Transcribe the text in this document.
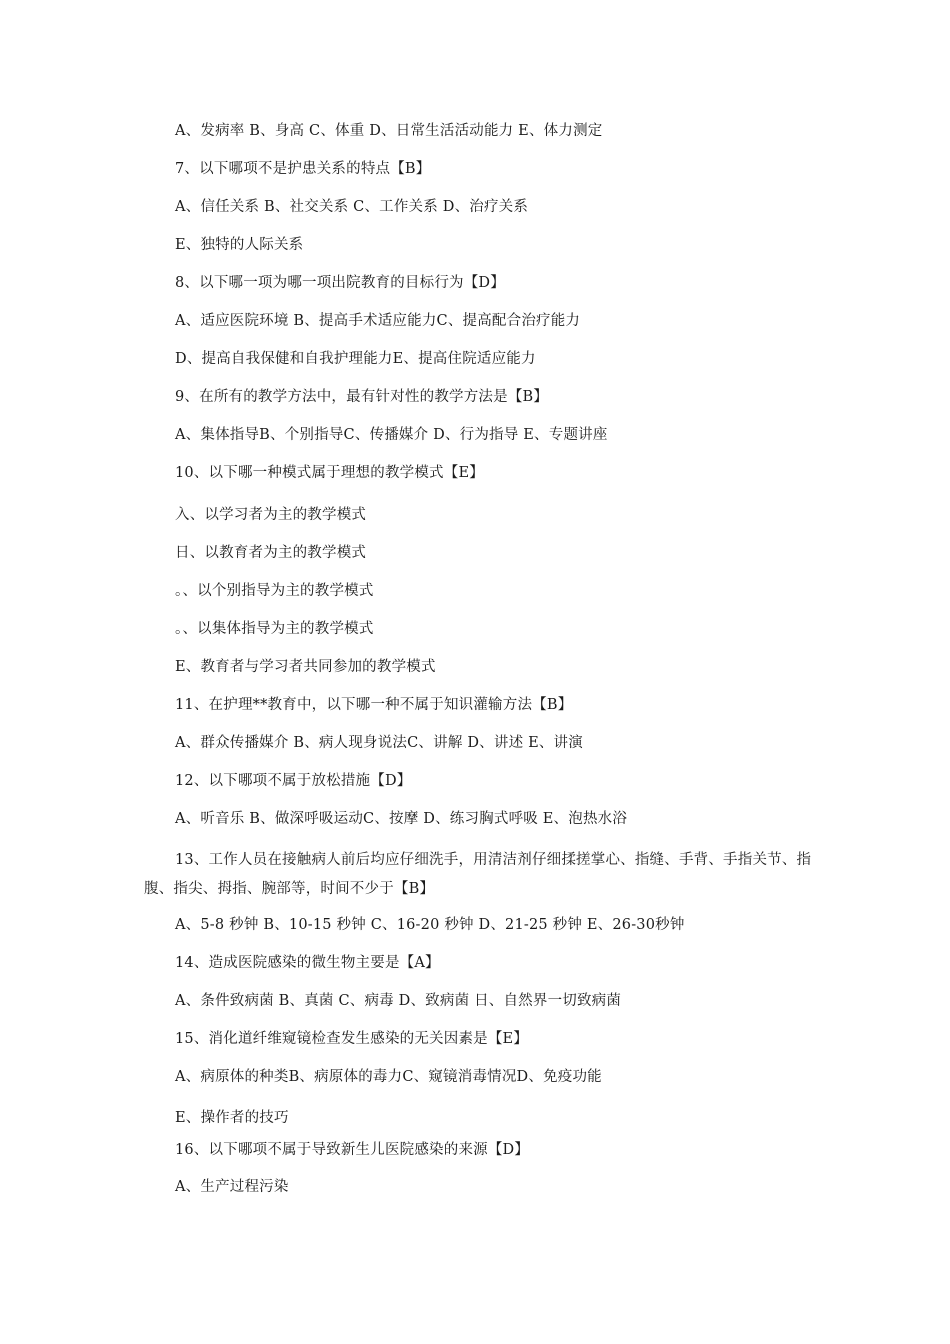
A、发病率 B、身高 C、体重 D、日常生活活动能力 E、体力测定
7、以下哪项不是护患关系的特点【B】
A、信任关系 B、社交关系 C、工作关系 D、治疗关系
E、独特的人际关系
8、以下哪一项为哪一项出院教育的目标行为【D】
A、适应医院环境 B、提高手术适应能力C、提高配合治疗能力
D、提高自我保健和自我护理能力E、提高住院适应能力
9、在所有的教学方法中，最有针对性的教学方法是【B】
A、集体指导B、个别指导C、传播媒介 D、行为指导 E、专题讲座
10、以下哪一种模式属于理想的教学模式【E】
入、以学习者为主的教学模式
日、以教育者为主的教学模式
。、以个别指导为主的教学模式
。、以集体指导为主的教学模式
E、教育者与学习者共同参加的教学模式
11、在护理**教育中，以下哪一种不属于知识灌输方法【B】
A、群众传播媒介 B、病人现身说法C、讲解 D、讲述 E、讲演
12、以下哪项不属于放松措施【D】
A、听音乐 B、做深呼吸运动C、按摩 D、练习胸式呼吸 E、泡热水浴
13、工作人员在接触病人前后均应仔细洗手，用清洁剂仔细揉搓掌心、指缝、手背、手指关节、指腹、指尖、拇指、腕部等，时间不少于【B】
A、5-8 秒钟 B、10-15 秒钟 C、16-20 秒钟 D、21-25 秒钟 E、26-30秒钟
14、造成医院感染的微生物主要是【A】
A、条件致病菌 B、真菌 C、病毒 D、致病菌 日、自然界一切致病菌
15、消化道纤维窥镜检查发生感染的无关因素是【E】
A、病原体的种类B、病原体的毒力C、窥镜消毒情况D、免疫功能
E、操作者的技巧
16、以下哪项不属于导致新生儿医院感染的来源【D】
A、生产过程污染
